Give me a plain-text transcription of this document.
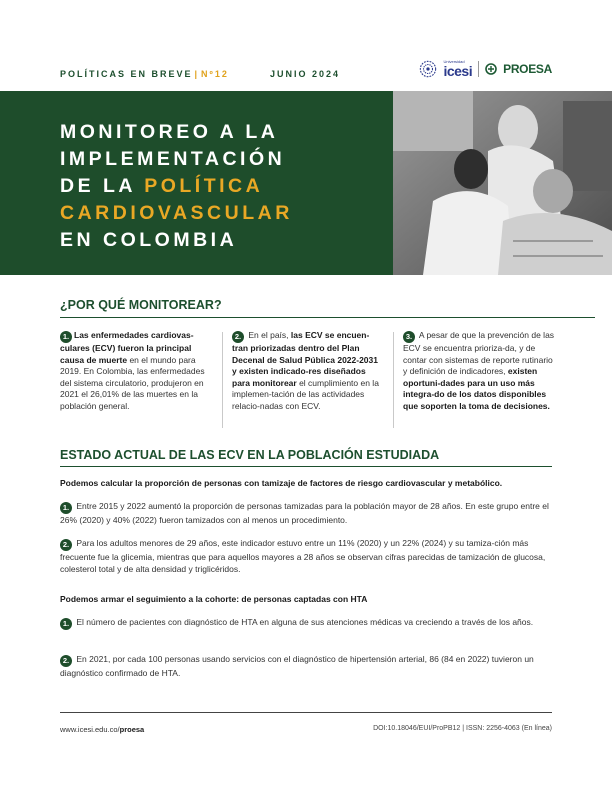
POLÍTICAS EN BREVE | Nº12	JUNIO 2024
Universidad
icesi	PROESA
MONITOREO A LA
IMPLEMENTACIÓN
DE LA POLÍTICA
CARDIOVASCULAR
EN COLOMBIA
¿POR QUÉ MONITOREAR?

1. Las enfermedades cardiovas-culares (ECV) fueron la principal causa de muerte en el mundo para 2019. En Colombia, las enfermedades del sistema circulatorio, produjeron en 2021 el 26,01% de las muertes en la población general.

2. En el país, las ECV se encuen-tran priorizadas dentro del Plan Decenal de Salud Pública 2022-2031 y existen indicado-res diseñados para monitorear el cumplimiento en la implemen-tación de las actividades relacio-nadas con ECV.

3. A pesar de que la prevención de las ECV se encuentra prioriza-da, y de contar con sistemas de reporte rutinario y definición de indicadores, existen oportuni-dades para un uso más integra-do de los datos disponibles que soporten la toma de decisiones.

ESTADO ACTUAL DE LAS ECV EN LA POBLACIÓN ESTUDIADA

Podemos calcular la proporción de personas con tamizaje de factores de riesgo cardiovascular y metabólico.

1. Entre 2015 y 2022 aumentó la proporción de personas tamizadas para la población mayor de 28 años. En este grupo entre el 26% (2020) y 40% (2022) fueron tamizados con al menos un procedimiento.

2. Para los adultos menores de 29 años, este indicador estuvo entre un 11% (2020) y un 22% (2024) y su tamiza-ción más frecuente fue la glicemia, mientras que para aquellos mayores a 28 años se observan cifras parecidas de tamización de glucosa, colesterol total y de alta densidad y triglicéridos.

Podemos armar el seguimiento a la cohorte: de personas captadas con HTA

1. El número de pacientes con diagnóstico de HTA en alguna de sus atenciones médicas va creciendo a través de los años.

2. En 2021, por cada 100 personas usando servicios con el diagnóstico de hipertensión arterial, 86 (84 en 2022) tuvieron un diagnóstico confirmado de HTA.

www.icesi.edu.co/proesa	DOI:10.18046/EUI/ProPB12 | ISSN: 2256-4063 (En línea)
